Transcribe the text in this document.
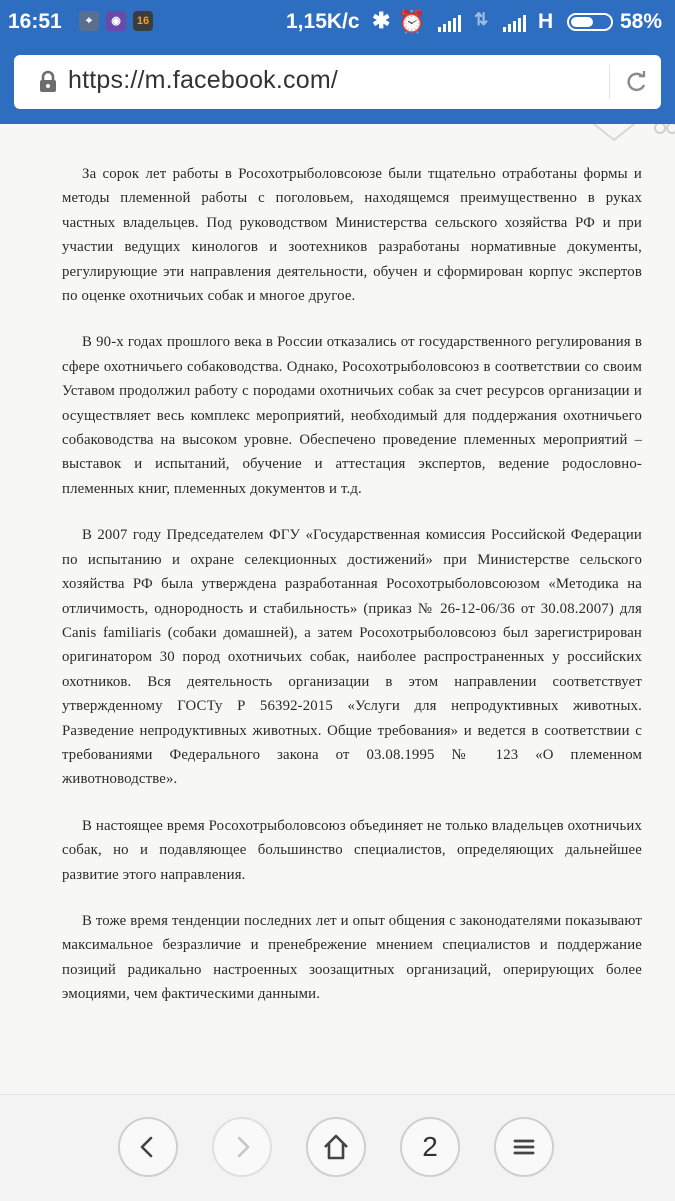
16:51	⌖	◉	16	1,15K/c ✱ ⏰	⇅ H	58%
https://m.facebook.com/

За сорок лет работы в Росохотрыболовсоюзе были тщательно отработаны формы и методы племенной работы с поголовьем, находящемся преимущественно в руках частных владельцев. Под руководством Министерства сельского хозяйства РФ и при участии ведущих кинологов и зоотехников разработаны нормативные документы, регулирующие эти направления деятельности, обучен и сформирован корпус экспертов по оценке охотничьих собак и многое другое.

В 90-х годах прошлого века в России отказались от государственного регулирования в сфере охотничьего собаководства. Однако, Росохотрыболовсоюз в соответствии со своим Уставом продолжил работу с породами охотничьих собак за счет ресурсов организации и осуществляет весь комплекс мероприятий, необходимый для поддержания охотничьего собаководства на высоком уровне. Обеспечено проведение племенных мероприятий – выставок и испытаний, обучение и аттестация экспертов, ведение родословно-племенных книг, племенных документов и т.д.

В 2007 году Председателем ФГУ «Государственная комиссия Российской Федерации по испытанию и охране селекционных достижений» при Министерстве сельского хозяйства РФ была утверждена разработанная Росохотрыболовсоюзом «Методика на отличимость, однородность и стабильность» (приказ № 26-12-06/36 от 30.08.2007) для Canis familiaris (собаки домашней), а затем Росохотрыболовсоюз был зарегистрирован оригинатором 30 пород охотничьих собак, наиболее распространенных у российских охотников. Вся деятельность организации в этом направлении соответствует утвержденному ГОСТу Р 56392-2015 «Услуги для непродуктивных животных. Разведение непродуктивных животных. Общие требования» и ведется в соответствии с требованиями Федерального закона от 03.08.1995 № 123 «О племенном животноводстве».

В настоящее время Росохотрыболовсоюз объединяет не только владельцев охотничьих собак, но и подавляющее большинство специалистов, определяющих дальнейшее развитие этого направления.

В тоже время тенденции последних лет и опыт общения с законодателями показывают максимальное безразличие и пренебрежение мнением специалистов и поддержание позиций радикально настроенных зоозащитных организаций, оперирующих более эмоциями, чем фактическими данными.

2
